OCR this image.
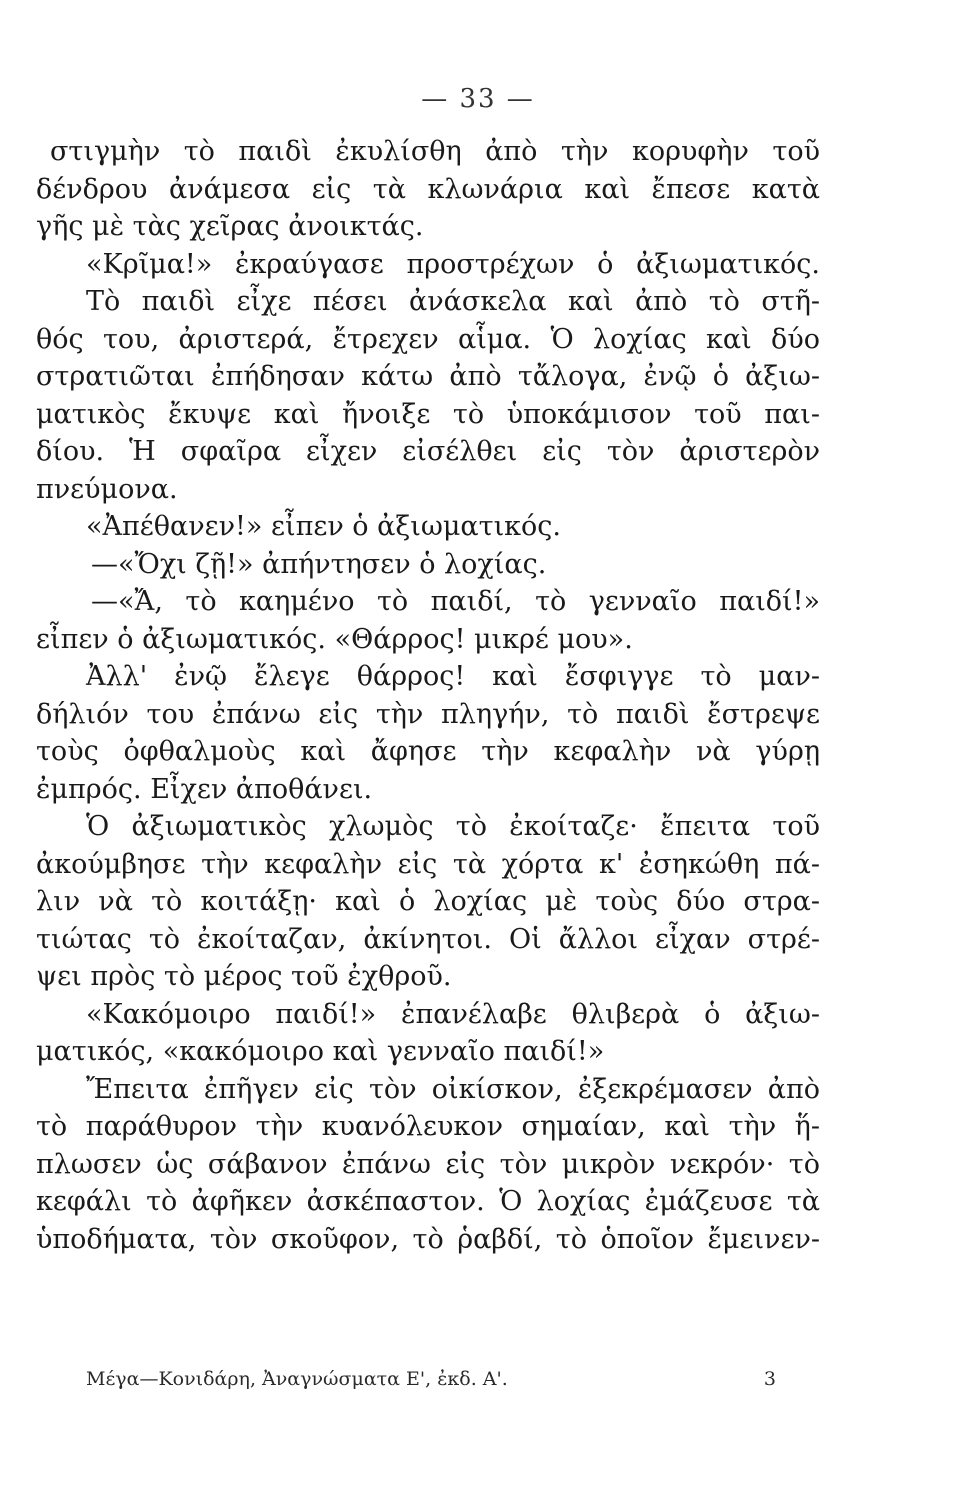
— 33 —
στιγμὴν τὸ παιδὶ ἐκυλίσθη ἀπὸ τὴν κορυφὴν τοῦ
δένδρου ἀνάμεσα εἰς τὰ κλωνάρια καὶ ἔπεσε κατὰ
γῆς μὲ τὰς χεῖρας ἀνοικτάς.
«Κρῖμα!» ἐκραύγασε προστρέχων ὁ ἀξιωματικός.
Τὸ παιδὶ εἶχε πέσει ἀνάσκελα καὶ ἀπὸ τὸ στῆ-
θός του, ἀριστερά, ἔτρεχεν αἷμα. Ὁ λοχίας καὶ δύο
στρατιῶται ἐπήδησαν κάτω ἀπὸ τἄλογα, ἐνῷ ὁ ἀξιω-
ματικὸς ἔκυψε καὶ ἤνοιξε τὸ ὑποκάμισον τοῦ παι-
δίου. Ἡ σφαῖρα εἶχεν εἰσέλθει εἰς τὸν ἀριστερὸν
πνεύμονα.
«Ἀπέθανεν!» εἶπεν ὁ ἀξιωματικός.
—«Ὄχι ζῇ!» ἀπήντησεν ὁ λοχίας.
—«Ἄ, τὸ καημένο τὸ παιδί, τὸ γενναῖο παιδί!»
εἶπεν ὁ ἀξιωματικός. «Θάρρος! μικρέ μου».
Ἀλλ' ἐνῷ ἔλεγε θάρρος! καὶ ἔσφιγγε τὸ μαν-
δήλιόν του ἐπάνω εἰς τὴν πληγήν, τὸ παιδὶ ἔστρεψε
τοὺς ὀφθαλμοὺς καὶ ἄφησε τὴν κεφαλὴν νὰ γύρῃ
ἐμπρός. Εἶχεν ἀποθάνει.
Ὁ ἀξιωματικὸς χλωμὸς τὸ ἐκοίταζε· ἔπειτα τοῦ
ἀκούμβησε τὴν κεφαλὴν εἰς τὰ χόρτα κ' ἐσηκώθη πά-
λιν νὰ τὸ κοιτάξῃ· καὶ ὁ λοχίας μὲ τοὺς δύο στρα-
τιώτας τὸ ἐκοίταζαν, ἀκίνητοι. Οἱ ἄλλοι εἶχαν στρέ-
ψει πρὸς τὸ μέρος τοῦ ἐχθροῦ.
«Κακόμοιρο παιδί!» ἐπανέλαβε θλιβερὰ ὁ ἀξιω-
ματικός, «κακόμοιρο καὶ γενναῖο παιδί!»
Ἔπειτα ἐπῆγεν εἰς τὸν οἰκίσκον, ἐξεκρέμασεν ἀπὸ
τὸ παράθυρον τὴν κυανόλευκον σημαίαν, καὶ τὴν ἥ-
πλωσεν ὡς σάβανον ἐπάνω εἰς τὸν μικρὸν νεκρόν· τὸ
κεφάλι τὸ ἀφῆκεν ἀσκέπαστον. Ὁ λοχίας ἐμάζευσε τὰ
ὑποδήματα, τὸν σκοῦφον, τὸ ῥαβδί, τὸ ὁποῖον ἔμεινεν-
Μέγα—Κονιδάρη, Ἀναγνώσματα Ε', ἐκδ. Α'.	3
